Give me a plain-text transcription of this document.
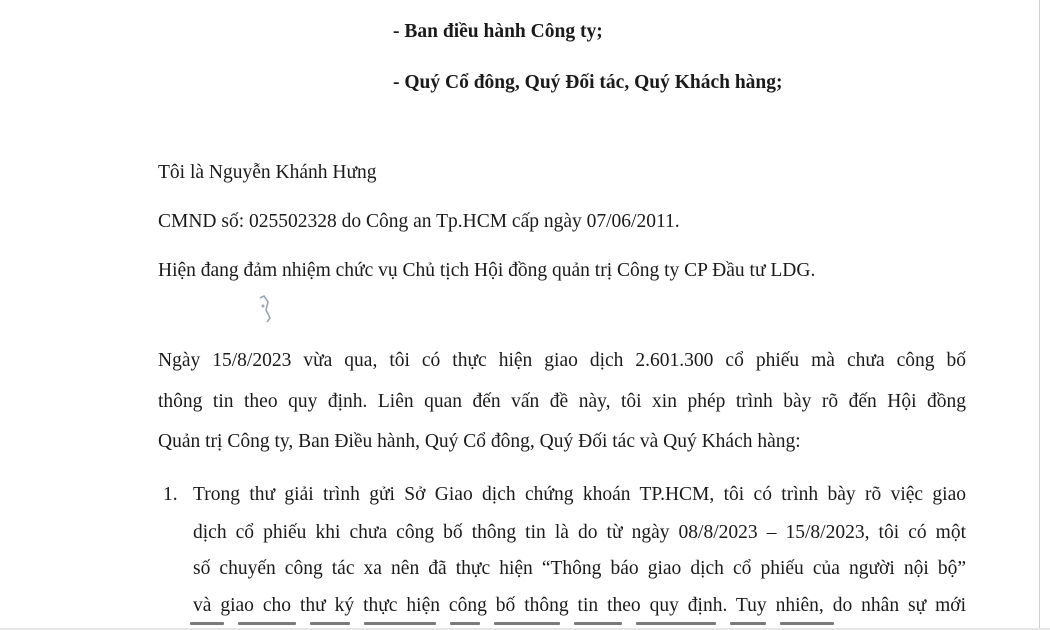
- Ban điều hành Công ty;
- Quý Cổ đông, Quý Đối tác, Quý Khách hàng;
Tôi là Nguyễn Khánh Hưng
CMND số: 025502328 do Công an Tp.HCM cấp ngày 07/06/2011.
Hiện đang đảm nhiệm chức vụ Chủ tịch Hội đồng quản trị Công ty CP Đầu tư LDG.
Ngày 15/8/2023 vừa qua, tôi có thực hiện giao dịch 2.601.300 cổ phiếu mà chưa công bố
thông tin theo quy định. Liên quan đến vấn đề này, tôi xin phép trình bày rõ đến Hội đồng
Quản trị Công ty, Ban Điều hành, Quý Cổ đông, Quý Đối tác và Quý Khách hàng:
1. Trong thư giải trình gửi Sở Giao dịch chứng khoán TP.HCM, tôi có trình bày rõ việc giao
dịch cổ phiếu khi chưa công bố thông tin là do từ ngày 08/8/2023 – 15/8/2023, tôi có một
số chuyến công tác xa nên đã thực hiện “Thông báo giao dịch cổ phiếu của người nội bộ”
và giao cho thư ký thực hiện công bố thông tin theo quy định. Tuy nhiên, do nhân sự mới
